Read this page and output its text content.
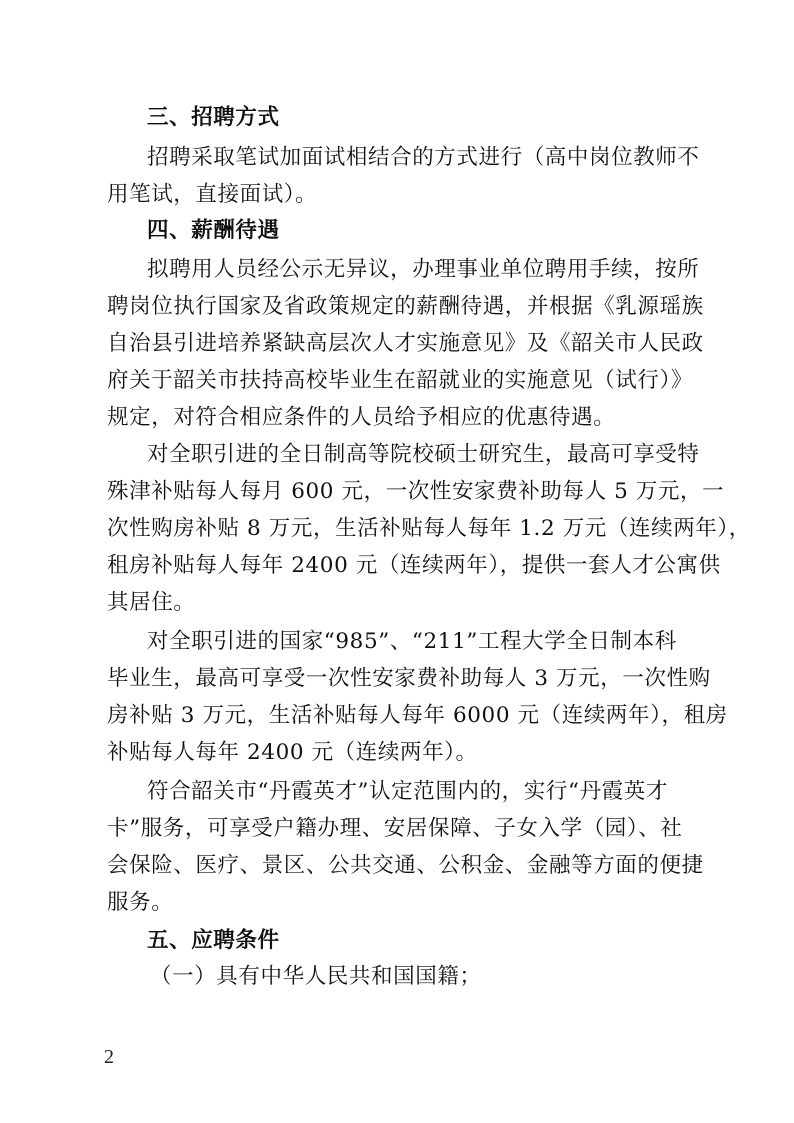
三、招聘方式
招聘采取笔试加面试相结合的方式进行（高中岗位教师不
用笔试，直接面试）。
四、薪酬待遇
拟聘用人员经公示无异议，办理事业单位聘用手续，按所
聘岗位执行国家及省政策规定的薪酬待遇，并根据《乳源瑶族
自治县引进培养紧缺高层次人才实施意见》及《韶关市人民政
府关于韶关市扶持高校毕业生在韶就业的实施意见（试行）》
规定，对符合相应条件的人员给予相应的优惠待遇。
对全职引进的全日制高等院校硕士研究生，最高可享受特
殊津补贴每人每月 600 元，一次性安家费补助每人 5 万元，一
次性购房补贴 8 万元，生活补贴每人每年 1.2 万元（连续两年），
租房补贴每人每年 2400 元（连续两年），提供一套人才公寓供
其居住。
对全职引进的国家“985”、“211”工程大学全日制本科
毕业生，最高可享受一次性安家费补助每人 3 万元，一次性购
房补贴 3 万元，生活补贴每人每年 6000 元（连续两年），租房
补贴每人每年 2400 元（连续两年）。
符合韶关市“丹霞英才”认定范围内的，实行“丹霞英才
卡”服务，可享受户籍办理、安居保障、子女入学（园）、社
会保险、医疗、景区、公共交通、公积金、金融等方面的便捷
服务。
五、应聘条件
（一）具有中华人民共和国国籍；
2
